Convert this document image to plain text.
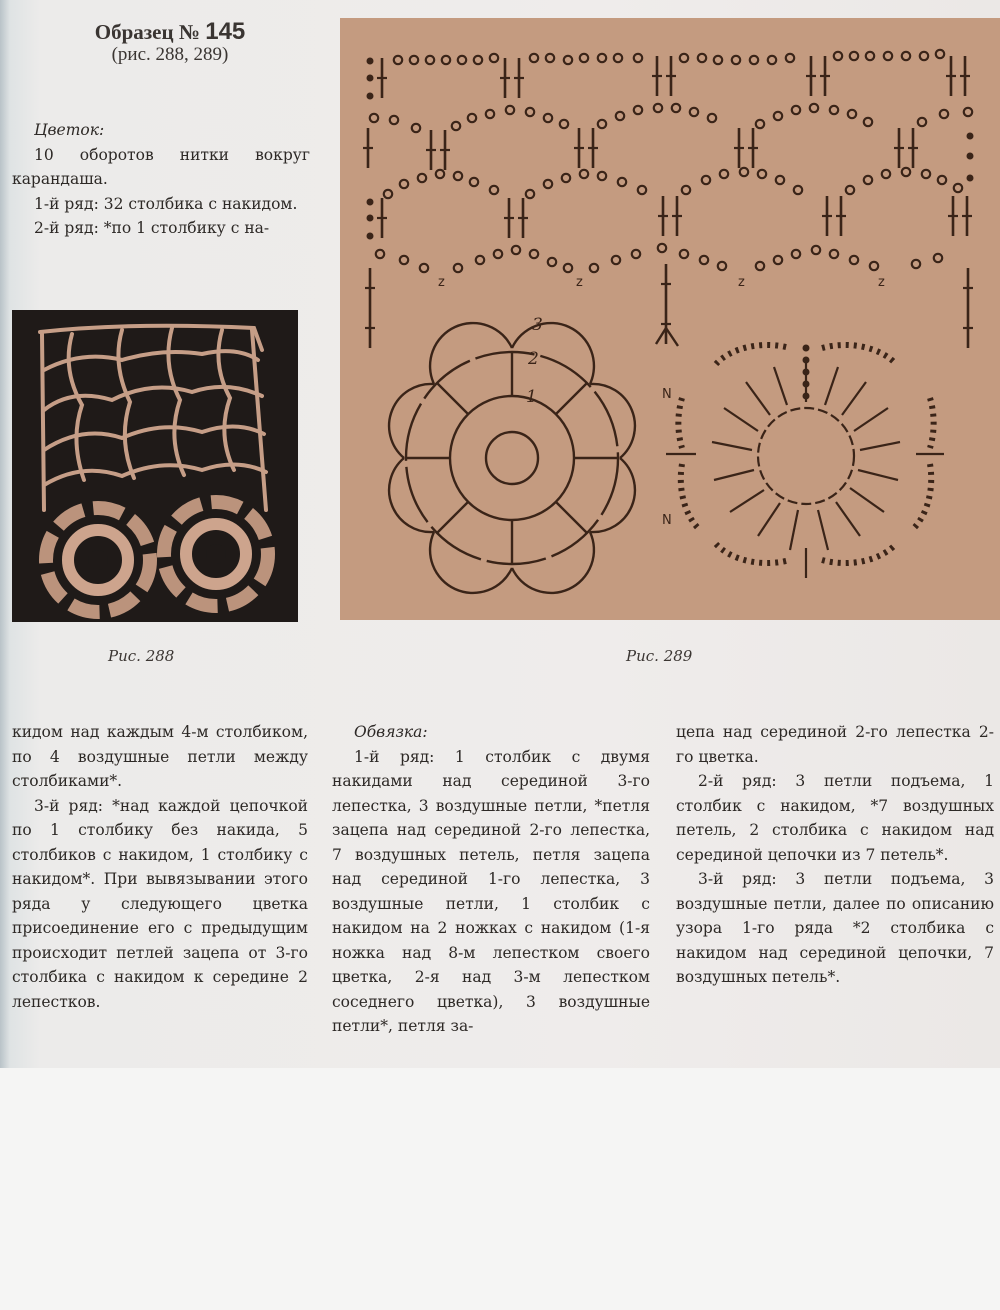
Образец № 145
(рис. 288, 289)

Цветок:

10 оборотов нитки вокруг карандаша.

1-й ряд: 32 столбика с накидом.

2-й ряд: *по 1 столбику с на-

Рис. 288
z	z	z	z
3
2
1	N
N
Рис. 289

кидом над каждым 4-м столбиком, по 4 воздушные петли между столбиками*.

3-й ряд: *над каждой цепочкой по 1 столбику без накида, 5 столбиков с накидом, 1 столбику с накидом*. При вывязывании этого ряда у следующего цветка присоединение его с предыдущим происходит петлей зацепа от 3-го столбика с накидом к середине 2 лепестков.

Обвязка:

1-й ряд: 1 столбик с двумя накидами над серединой 3-го лепестка, 3 воздушные петли, *петля зацепа над серединой 2-го лепестка, 7 воздушных петель, петля зацепа над серединой 1-го лепестка, 3 воздушные петли, 1 столбик с накидом на 2 ножках с накидом (1-я ножка над 8-м лепестком своего цветка, 2-я над 3-м лепестком соседнего цветка), 3 воздушные петли*, петля за-

цепа над серединой 2-го лепестка 2-го цветка.

2-й ряд: 3 петли подъема, 1 столбик с накидом, *7 воздушных петель, 2 столбика с накидом над серединой цепочки из 7 петель*.

3-й ряд: 3 петли подъема, 3 воздушные петли, далее по описанию узора 1-го ряда *2 столбика с накидом над серединой цепочки, 7 воздушных петель*.
